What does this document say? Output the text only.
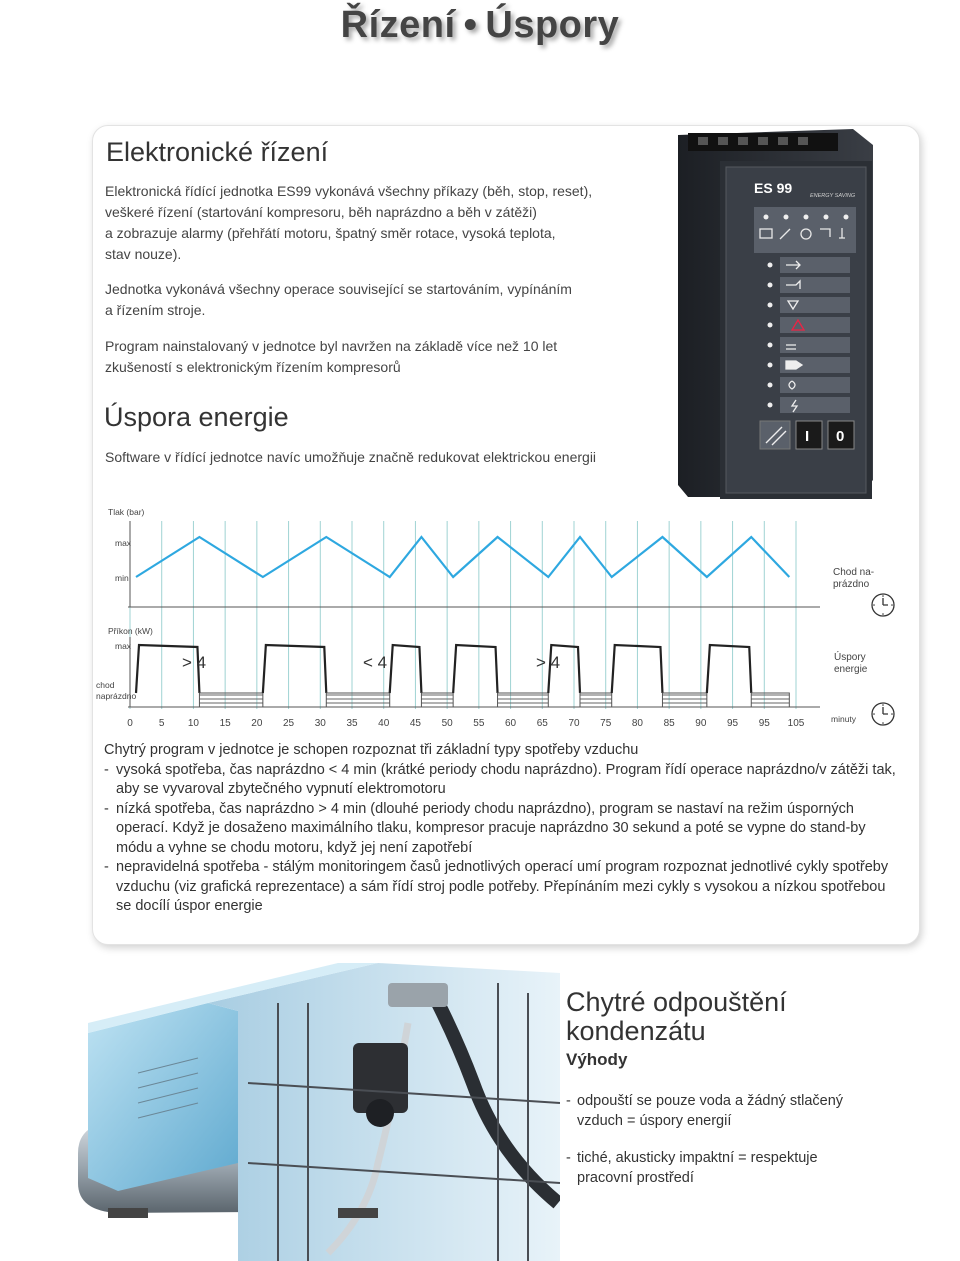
Řízení • Úspory
Elektronické řízení
Elektronická řídící jednotka ES99 vykonává všechny příkazy (běh, stop, reset),
veškeré řízení (startování kompresoru, běh naprázdno a běh v zátěži)
a zobrazuje alarmy (přehřátí motoru, špatný směr rotace, vysoká teplota,
stav nouze).
Jednotka vykonává všechny operace související se startováním, vypínáním
a řízením stroje.
Program nainstalovaný v jednotce byl navržen na základě více než 10 let
zkušeností s elektronickým řízením kompresorů
Úspora energie
Software v řídící jednotce navíc umožňuje značně redukovat elektrickou energii
ES 99	ENERGY SAVING
I 0
Tlak (bar)
max
min	Chod na-
prázdno
Příkon (kW)
max
chod
naprázdno
> 4	< 4	> 4	Úspory
energie
0	5 10 15 20 25 30 35 40 45 50 55 60 65 70 75 80 85 90 95 95 105	minuty

Chytrý program v jednotce je schopen rozpoznat tři základní typy spotřeby vzduchu

- vysoká spotřeba, čas naprázdno < 4 min (krátké periody chodu naprázdno). Program řídí operace naprázdno/v zátěži tak, aby se vyvaroval zbytečného vypnutí elektromotoru
- nízká spotřeba, čas naprázdno > 4 min (dlouhé periody chodu naprázdno), program se nastaví na režim úsporných operací. Když je dosaženo maximálního tlaku, kompresor pracuje naprázdno 30 sekund a poté se vypne do stand-by módu a vyhne se chodu motoru, když jej není zapotřebí
- nepravidelná spotřeba - stálým monitoringem časů jednotlivých operací umí program rozpoznat jednotlivé cykly spotřeby vzduchu (viz grafická reprezentace) a sám řídí stroj podle potřeby. Přepínáním mezi cykly s vysokou a nízkou spotřebou se docílí úspor energie
Chytré odpouštění
kondenzátu
Výhody
- odpouští se pouze voda a žádný stlačený
vzduch = úspory energií
- tiché, akusticky impaktní = respektuje
pracovní prostředí
